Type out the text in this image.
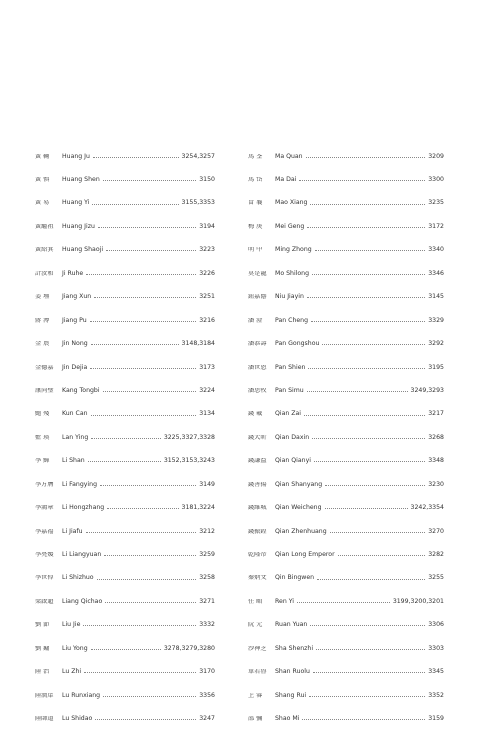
黃 鞠	Huang Ju	3254,3257
黃 慎	Huang Shen	3150
黃 易	Huang Yi	3155,3353
黃繼祖	Huang Jizu	3194
黃紹箕	Huang Shaoji	3223
計汝和	Ji Ruhe	3226
姜 壎	Jiang Xun	3251
蔣 溥	Jiang Pu	3216
金 農	Jin Nong	3148,3184
金德嘉	Jin Dejia	3173
康同璧	Kang Tongbi	3224
鮑 殘	Kun Can	3134
藍 瑛	Lan Ying	3225,3327,3328
李 鱓	Li Shan	3152,3153,3243
李方膺	Li Fangying	3149
李鴻章	Li Hongzhang	3181,3224
李嘉福	Li Jiafu	3212
李亮媛	Li Liangyuan	3259
李世倬	Li Shizhuo	3258
梁啟超	Liang Qichao	3271
劉 節	Liu Jie	3332
劉 鏞	Liu Yong	3278,3279,3280
陸 治	Lu Zhi	3170
陸潤庠	Lu Runxiang	3356
陸師道	Lu Shidao	3247
馬 荃	Ma Quan	3209
馬 岱	Ma Dai	3300
冒 襄	Mao Xiang	3235
梅 庚	Mei Geng	3172
明 中	Ming Zhong	3340
莫是龍	Mo Shilong	3346
鈕嘉蔭	Niu Jiayin	3145
潘 澄	Pan Cheng	3329
潘恭壽	Pan Gongshou	3292
潘世恩	Pan Shien	3195
潘思牧	Pan Simu	3249,3293
錢 載	Qian Zai	3217
錢大昕	Qian Daxin	3268
錢謙益	Qian Qianyi	3348
錢善揚	Qian Shanyang	3230
錢維城	Qian Weicheng	3242,3354
錢振鍠	Qian Zhenhuang	3270
乾隆帝	Qian Long Emperor	3282
秦炳文	Qin Bingwen	3255
任 頤	Ren Yi	3199,3200,3201
阮 元	Ruan Yuan	3306
沙神芝	Sha Shenzhi	3303
單若魯	Shan Ruolu	3345
上 睿	Shang Rui	3352
邵 彌	Shao Mi	3159
